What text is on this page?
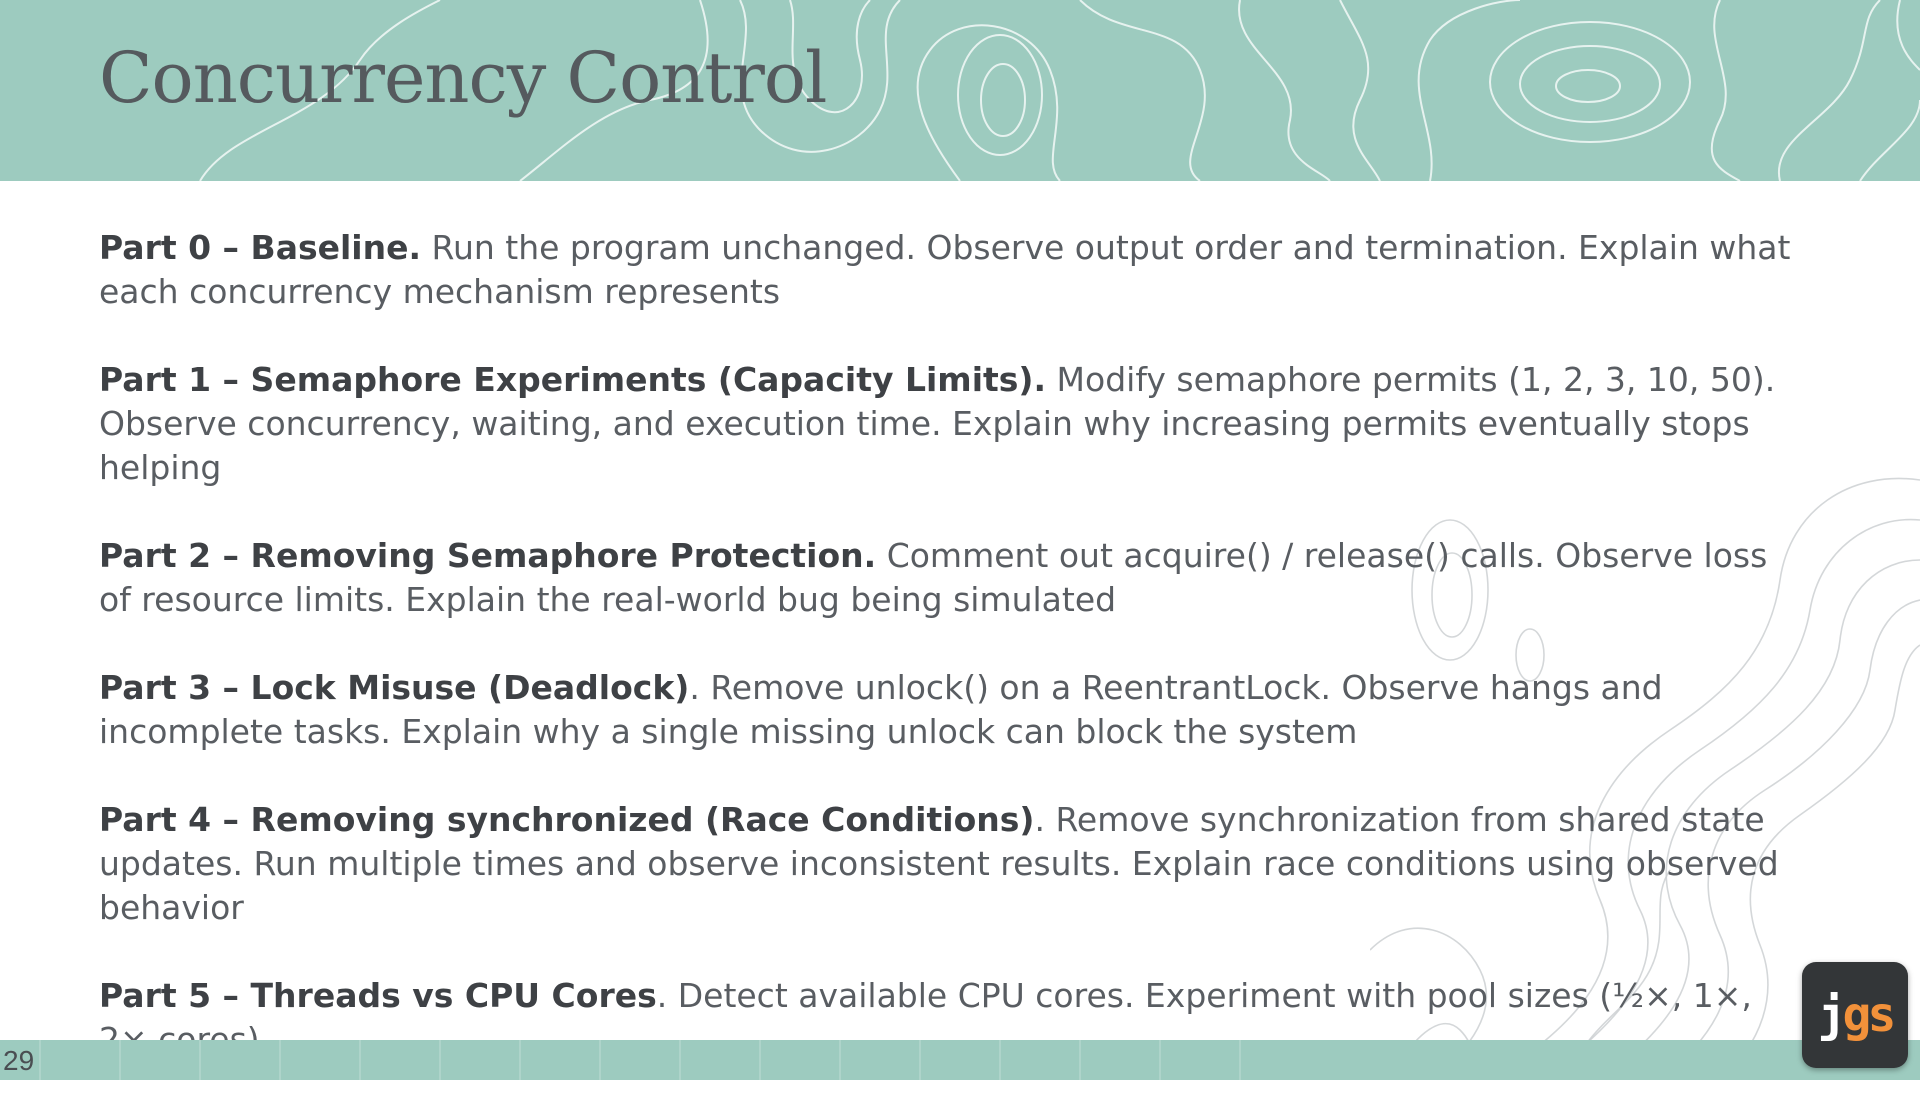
Concurrency Control

Part 0 – Baseline. Run the program unchanged. Observe output order and termination. Explain what each concurrency mechanism represents

Part 1 – Semaphore Experiments (Capacity Limits). Modify semaphore permits (1, 2, 3, 10, 50). Observe concurrency, waiting, and execution time. Explain why increasing permits eventually stops helping

Part 2 – Removing Semaphore Protection. Comment out acquire() / release() calls. Observe loss of resource limits. Explain the real-world bug being simulated

Part 3 – Lock Misuse (Deadlock). Remove unlock() on a ReentrantLock. Observe hangs and incomplete tasks. Explain why a single missing unlock can block the system

Part 4 – Removing synchronized (Race Conditions). Remove synchronization from shared state updates. Run multiple times and observe inconsistent results. Explain race conditions using observed behavior

Part 5 – Threads vs CPU Cores. Detect available CPU cores. Experiment with pool sizes (½×, 1×,

29
j gs
